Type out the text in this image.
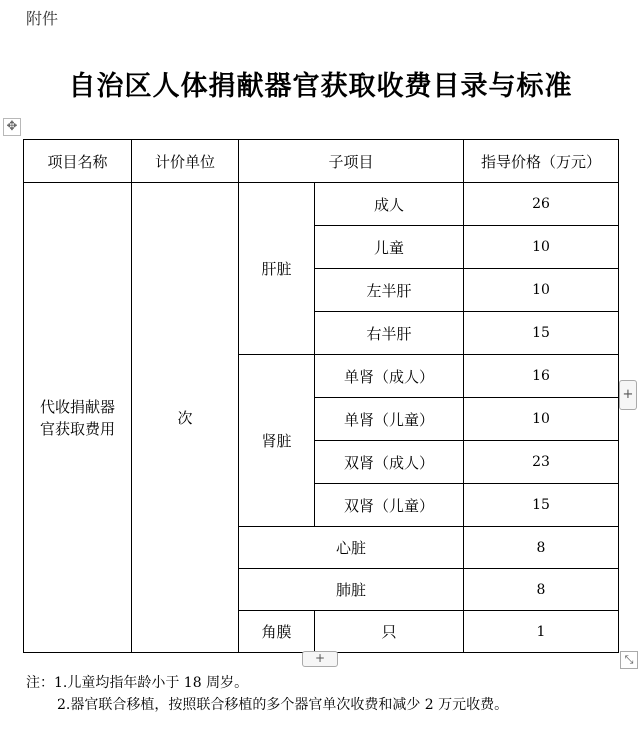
附件
自治区人体捐献器官获取收费目录与标准
✥
项目名称	计价单位	子项目		指导价格（万元）
代收捐献器官获取费用	次	肝脏	成人	26
			儿童	10
			左半肝	10
			右半肝	15
		肾脏	单肾（成人）	16
			单肾（儿童）	10
			双肾（成人）	23
			双肾（儿童）	15
		心脏		8
		肺脏		8
		角膜	只	1
+
+	⤡
注：1.儿童均指年龄小于 18 周岁。
2.器官联合移植，按照联合移植的多个器官单次收费和减少 2 万元收费。
